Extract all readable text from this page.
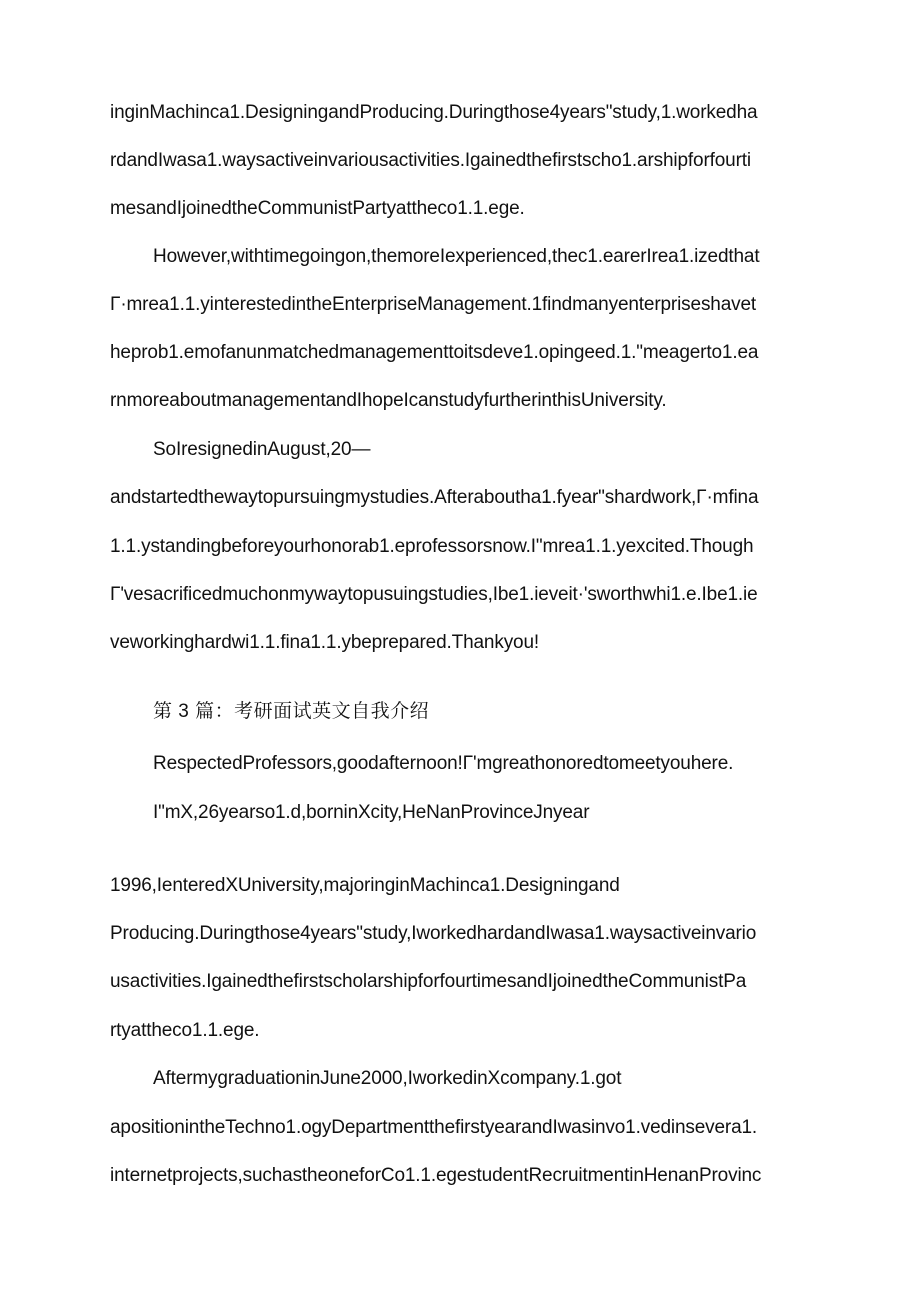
inginMachinca1.DesigningandProducing.Duringthose4years"study,1.workedha
rdandIwasa1.waysactiveinvariousactivities.Igainedthefirstscho1.arshipforfourti
mesandIjoinedtheCommunistPartyattheco1.1.ege.
However,withtimegoingon,themoreIexperienced,thec1.earerIrea1.izedthat
Γ·mrea1.1.yinterestedintheEnterpriseManagement.1findmanyenterpriseshavet
heprob1.emofanunmatchedmanagementtoitsdeve1.opingeed.1."meagerto1.ea
rnmoreaboutmanagementandIhopeIcanstudyfurtherinthisUniversity.
SoIresignedinAugust,20—
andstartedthewaytopursuingmystudies.Afteraboutha1.fyear"shardwork,Γ·mfina
1.1.ystandingbeforeyourhonorab1.eprofessorsnow.I"mrea1.1.yexcited.Though
Γ'vesacrificedmuchonmywaytopusuingstudies,Ibe1.ieveit·'sworthwhi1.e.Ibe1.ie
veworkinghardwi1.1.fina1.1.ybeprepared.Thankyou!
第 3 篇：考研面试英文自我介绍
RespectedProfessors,goodafternoon!Γ'mgreathonoredtomeetyouhere.
I"mX,26yearso1.d,borninXcity,HeNanProvinceJnyear
1996,IenteredXUniversity,majoringinMachinca1.Designingand
Producing.Duringthose4years"study,IworkedhardandIwasa1.waysactiveinvario
usactivities.IgainedthefirstscholarshipforfourtimesandIjoinedtheCommunistPa
rtyattheco1.1.ege.
AftermygraduationinJune2000,IworkedinXcompany.1.got
apositionintheTechno1.ogyDepartmentthefirstyearandIwasinvo1.vedinsevera1.
internetprojects,suchastheoneforCo1.1.egestudentRecruitmentinHenanProvinc
